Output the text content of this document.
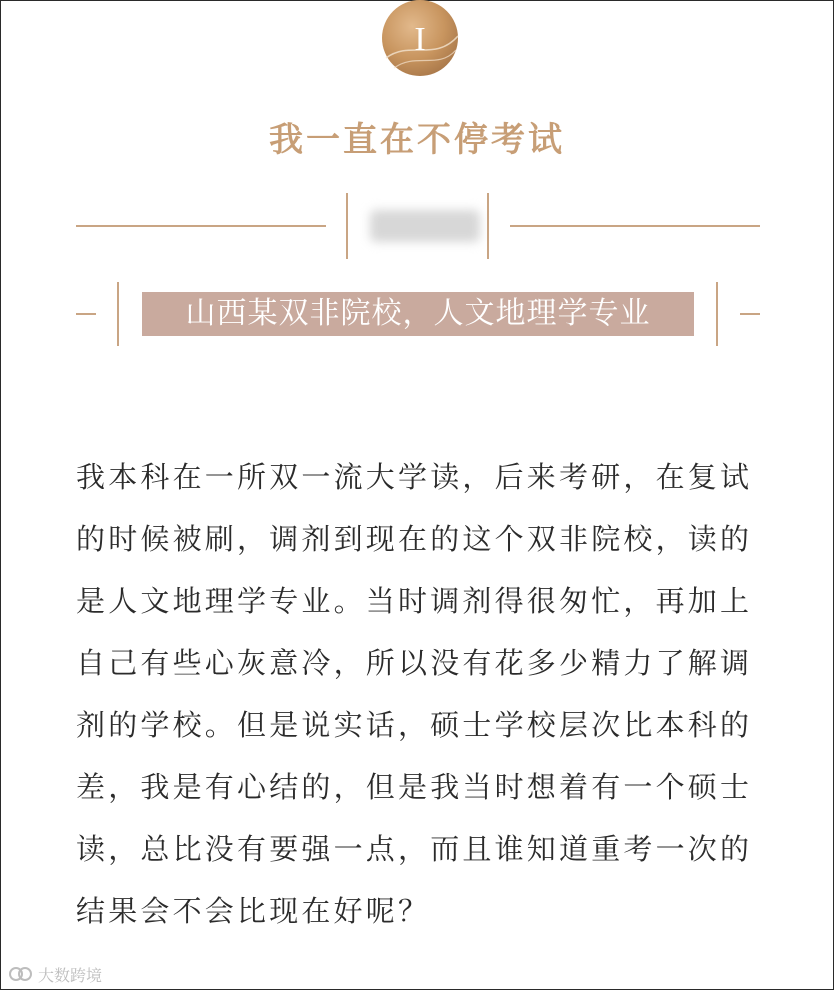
I
我一直在不停考试
山西某双非院校，人文地理学专业

我本科在一所双一流大学读，后来考研，在复试

的时候被刷，调剂到现在的这个双非院校，读的

是人文地理学专业。当时调剂得很匆忙，再加上

自己有些心灰意冷，所以没有花多少精力了解调

剂的学校。但是说实话，硕士学校层次比本科的

差，我是有心结的，但是我当时想着有一个硕士

读，总比没有要强一点，而且谁知道重考一次的

结果会不会比现在好呢？

大数跨境
